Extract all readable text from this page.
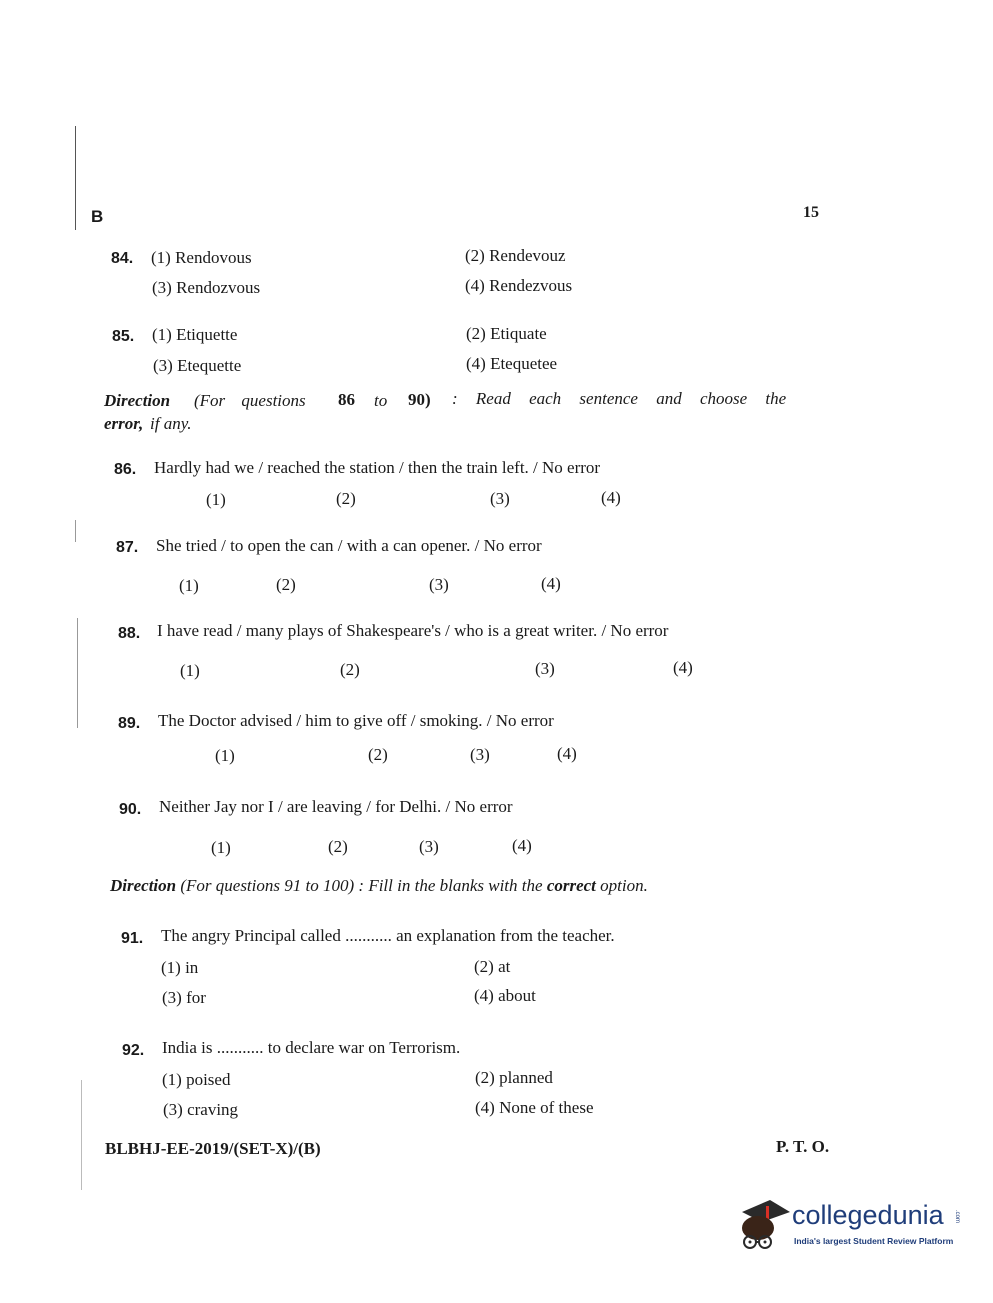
B	15
84. (1) Rendovous	(2) Rendevouz
(3) Rendozvous	(4) Rendezvous
85. (1) Etiquette	(2) Etiquate
(3) Etequette	(4) Etequetee
Direction (For questions 86 to 90) : Read each sentence and choose the
error, if any.
86. Hardly had we / reached the station / then the train left. / No error
(1)	(2)	(3)	(4)
87. She tried / to open the can / with a can opener. / No error
(1)	(2)	(3)	(4)
88. I have read / many plays of Shakespeare's / who is a great writer. / No error
(1)	(2)	(3)	(4)
89. The Doctor advised / him to give off / smoking. / No error
(1)	(2)	(3)	(4)
90. Neither Jay nor I / are leaving / for Delhi. / No error
(1)	(2)	(3)	(4)
Direction (For questions 91 to 100) : Fill in the blanks with the correct option.
91. The angry Principal called ........... an explanation from the teacher.
(1) in	(2) at
(3) for	(4) about
92. India is ........... to declare war on Terrorism.
(1) poised	(2) planned
(3) craving	(4) None of these
BLBHJ-EE-2019/(SET-X)/(B)	P. T. O.
collegedunia .com
India's largest Student Review Platform
